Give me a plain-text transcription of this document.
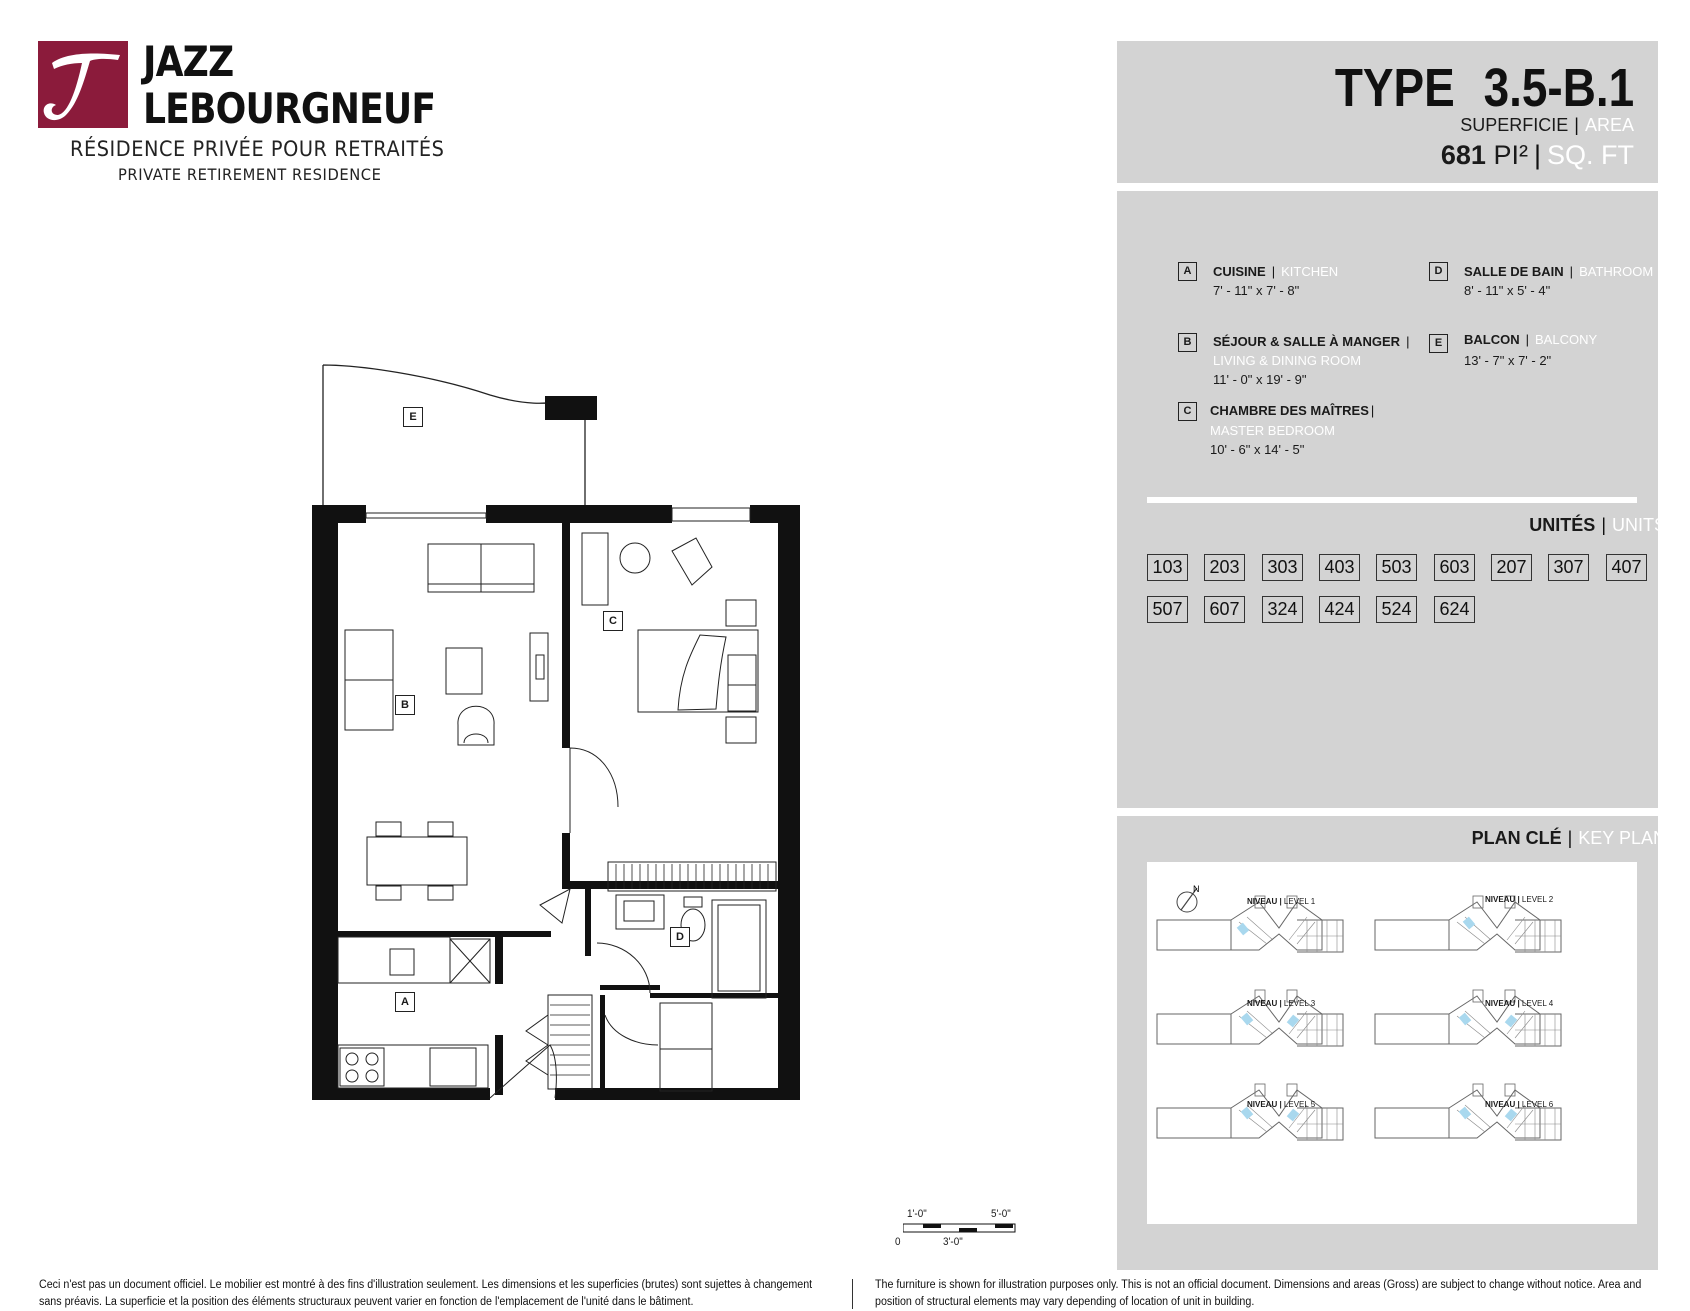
JAZZ
LEBOURGNEUF
RÉSIDENCE PRIVÉE POUR RETRAITÉS
PRIVATE RETIREMENT RESIDENCE
TYPE 3.5-B.1
SUPERFICIE | AREA
681 PI² | SQ. FT
A	CUISINE | KITCHEN
7' - 11" x 7' - 8"
B	SÉJOUR & SALLE À MANGER |
LIVING & DINING ROOM
11' - 0" x 19' - 9"
C	CHAMBRE DES MAÎTRES |
MASTER BEDROOM
10' - 6" x 14' - 5"
D	SALLE DE BAIN | BATHROOM
8' - 11" x 5' - 4"
E	BALCON | BALCONY
13' - 7" x 7' - 2"
UNITÉS | UNITS
103	203	303	403	503	603	207	307	407
507	607	324	424	524	624
PLAN CLÉ | KEY PLAN
N
NIVEAU | LEVEL 1	NIVEAU | LEVEL 2
NIVEAU | LEVEL 3	NIVEAU | LEVEL 4
NIVEAU | LEVEL 5	NIVEAU | LEVEL 6
E
C
B
D
A
1'-0"	5'-0"
0	3'-0"
Ceci n'est pas un document officiel. Le mobilier est montré à des fins d'illustration seulement. Les dimensions et les superficies (brutes) sont sujettes à changement sans préavis. La superficie et la position des éléments structuraux peuvent varier en fonction de l'emplacement de l'unité dans le bâtiment.
The furniture is shown for illustration purposes only. This is not an official document. Dimensions and areas (Gross) are subject to change without notice. Area and position of structural elements may vary depending of location of unit in building.
